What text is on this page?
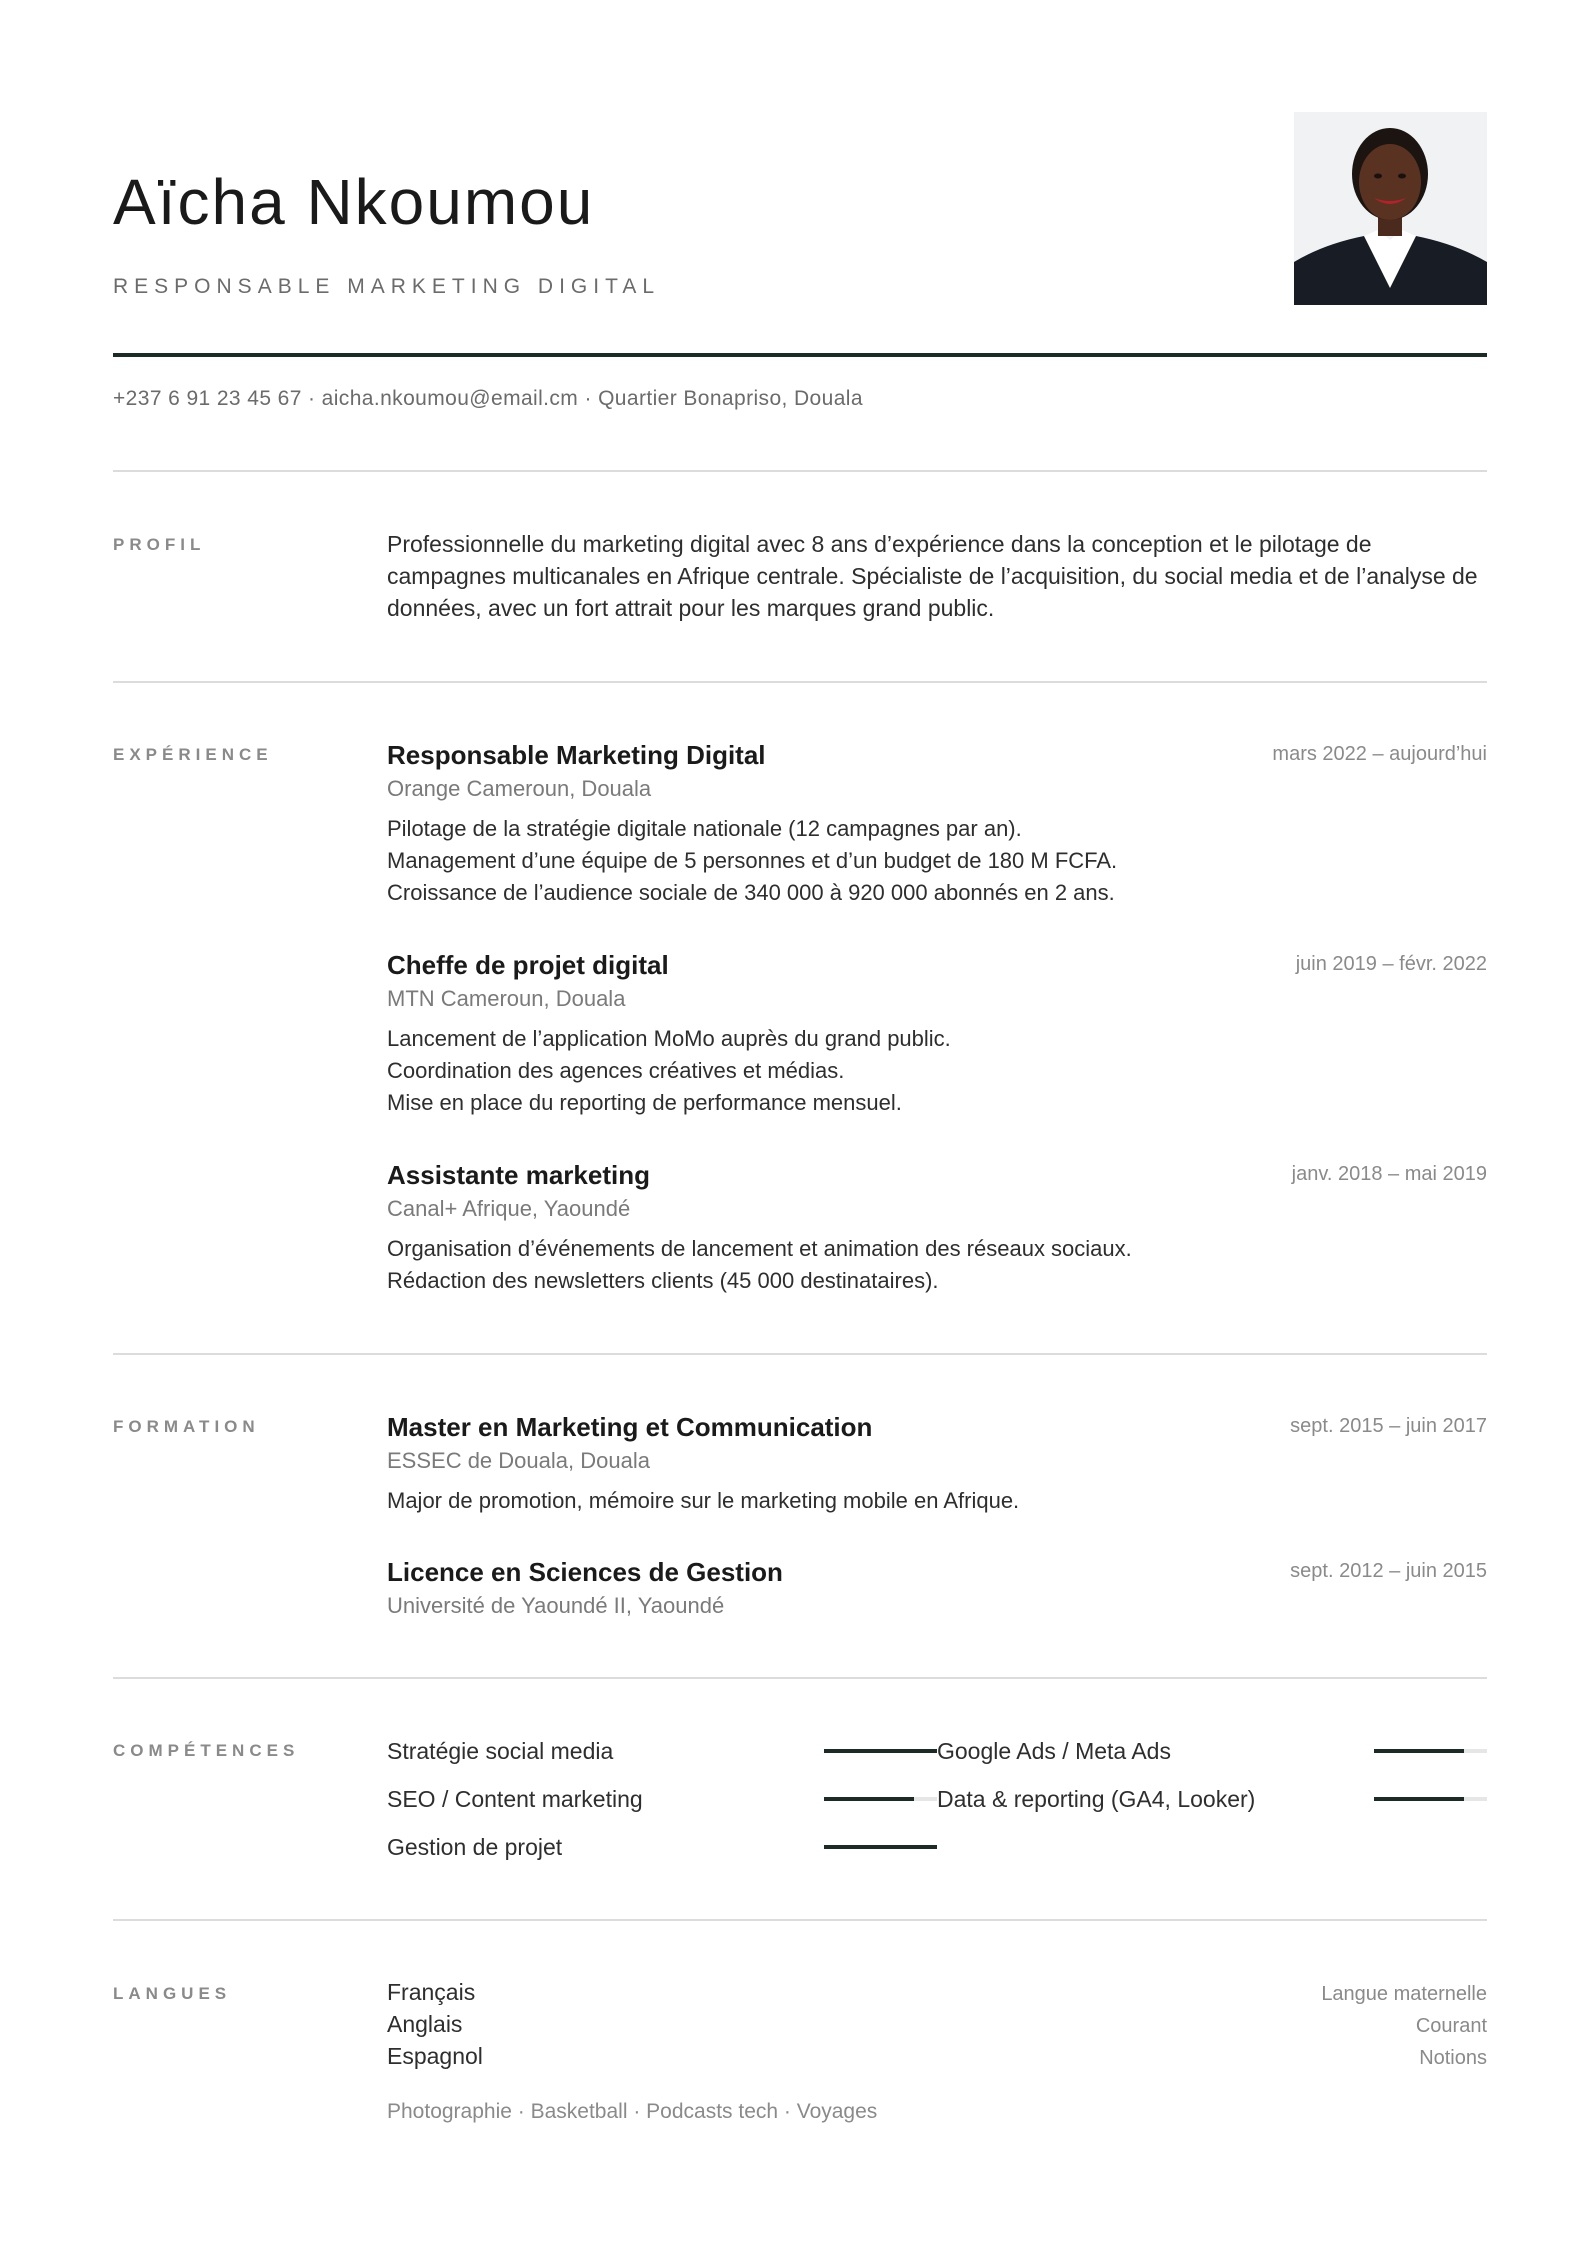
Aïcha Nkoumou
RESPONSABLE MARKETING DIGITAL
+237 6 91 23 45 67 · aicha.nkoumou@email.cm · Quartier Bonapriso, Douala
PROFIL	Professionnelle du marketing digital avec 8 ans d’expérience dans la conception et le pilotage de campagnes multicanales en Afrique centrale. Spécialiste de l’acquisition, du social media et de l’analyse de données, avec un fort attrait pour les marques grand public.

EXPÉRIENCE	mars 2022 – aujourd’hui

Responsable Marketing Digital

Orange Cameroun, Douala

Pilotage de la stratégie digitale nationale (12 campagnes par an).
Management d’une équipe de 5 personnes et d’un budget de 180 M FCFA.
Croissance de l’audience sociale de 340 000 à 920 000 abonnés en 2 ans.
juin 2019 – févr. 2022

Cheffe de projet digital

MTN Cameroun, Douala

Lancement de l’application MoMo auprès du grand public.
Coordination des agences créatives et médias.
Mise en place du reporting de performance mensuel.
janv. 2018 – mai 2019

Assistante marketing

Canal+ Afrique, Yaoundé

Organisation d’événements de lancement et animation des réseaux sociaux.
Rédaction des newsletters clients (45 000 destinataires).
FORMATION	sept. 2015 – juin 2017

Master en Marketing et Communication

ESSEC de Douala, Douala

Major de promotion, mémoire sur le marketing mobile en Afrique.
sept. 2012 – juin 2015

Licence en Sciences de Gestion

Université de Yaoundé II, Yaoundé

COMPÉTENCES	Stratégie social media	Google Ads / Meta Ads
SEO / Content marketing	Data & reporting (GA4, Looker)
Gestion de projet
LANGUES	Français	Langue maternelle
Anglais	Courant
Espagnol	Notions
Photographie · Basketball · Podcasts tech · Voyages
